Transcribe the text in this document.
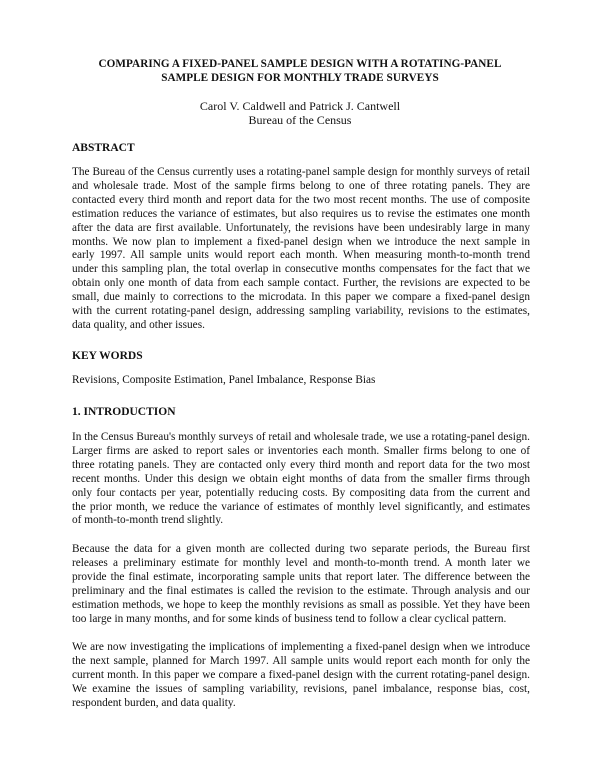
COMPARING A FIXED-PANEL SAMPLE DESIGN WITH A ROTATING-PANEL
SAMPLE DESIGN FOR MONTHLY TRADE SURVEYS
Carol V. Caldwell and Patrick J. Cantwell
Bureau of the Census
ABSTRACT
The Bureau of the Census currently uses a rotating-panel sample design for monthly surveys of retail
and wholesale trade. Most of the sample firms belong to one of three rotating panels. They are
contacted every third month and report data for the two most recent months. The use of composite
estimation reduces the variance of estimates, but also requires us to revise the estimates one month
after the data are first available. Unfortunately, the revisions have been undesirably large in many
months. We now plan to implement a fixed-panel design when we introduce the next sample in
early 1997. All sample units would report each month. When measuring month-to-month trend
under this sampling plan, the total overlap in consecutive months compensates for the fact that we
obtain only one month of data from each sample contact. Further, the revisions are expected to be
small, due mainly to corrections to the microdata. In this paper we compare a fixed-panel design
with the current rotating-panel design, addressing sampling variability, revisions to the estimates,
data quality, and other issues.
KEY WORDS
Revisions, Composite Estimation, Panel Imbalance, Response Bias
1. INTRODUCTION
In the Census Bureau's monthly surveys of retail and wholesale trade, we use a rotating-panel design.
Larger firms are asked to report sales or inventories each month. Smaller firms belong to one of
three rotating panels. They are contacted only every third month and report data for the two most
recent months. Under this design we obtain eight months of data from the smaller firms through
only four contacts per year, potentially reducing costs. By compositing data from the current and
the prior month, we reduce the variance of estimates of monthly level significantly, and estimates
of month-to-month trend slightly.
Because the data for a given month are collected during two separate periods, the Bureau first
releases a preliminary estimate for monthly level and month-to-month trend. A month later we
provide the final estimate, incorporating sample units that report later. The difference between the
preliminary and the final estimates is called the revision to the estimate. Through analysis and our
estimation methods, we hope to keep the monthly revisions as small as possible. Yet they have been
too large in many months, and for some kinds of business tend to follow a clear cyclical pattern.
We are now investigating the implications of implementing a fixed-panel design when we introduce
the next sample, planned for March 1997. All sample units would report each month for only the
current month. In this paper we compare a fixed-panel design with the current rotating-panel design.
We examine the issues of sampling variability, revisions, panel imbalance, response bias, cost,
respondent burden, and data quality.
